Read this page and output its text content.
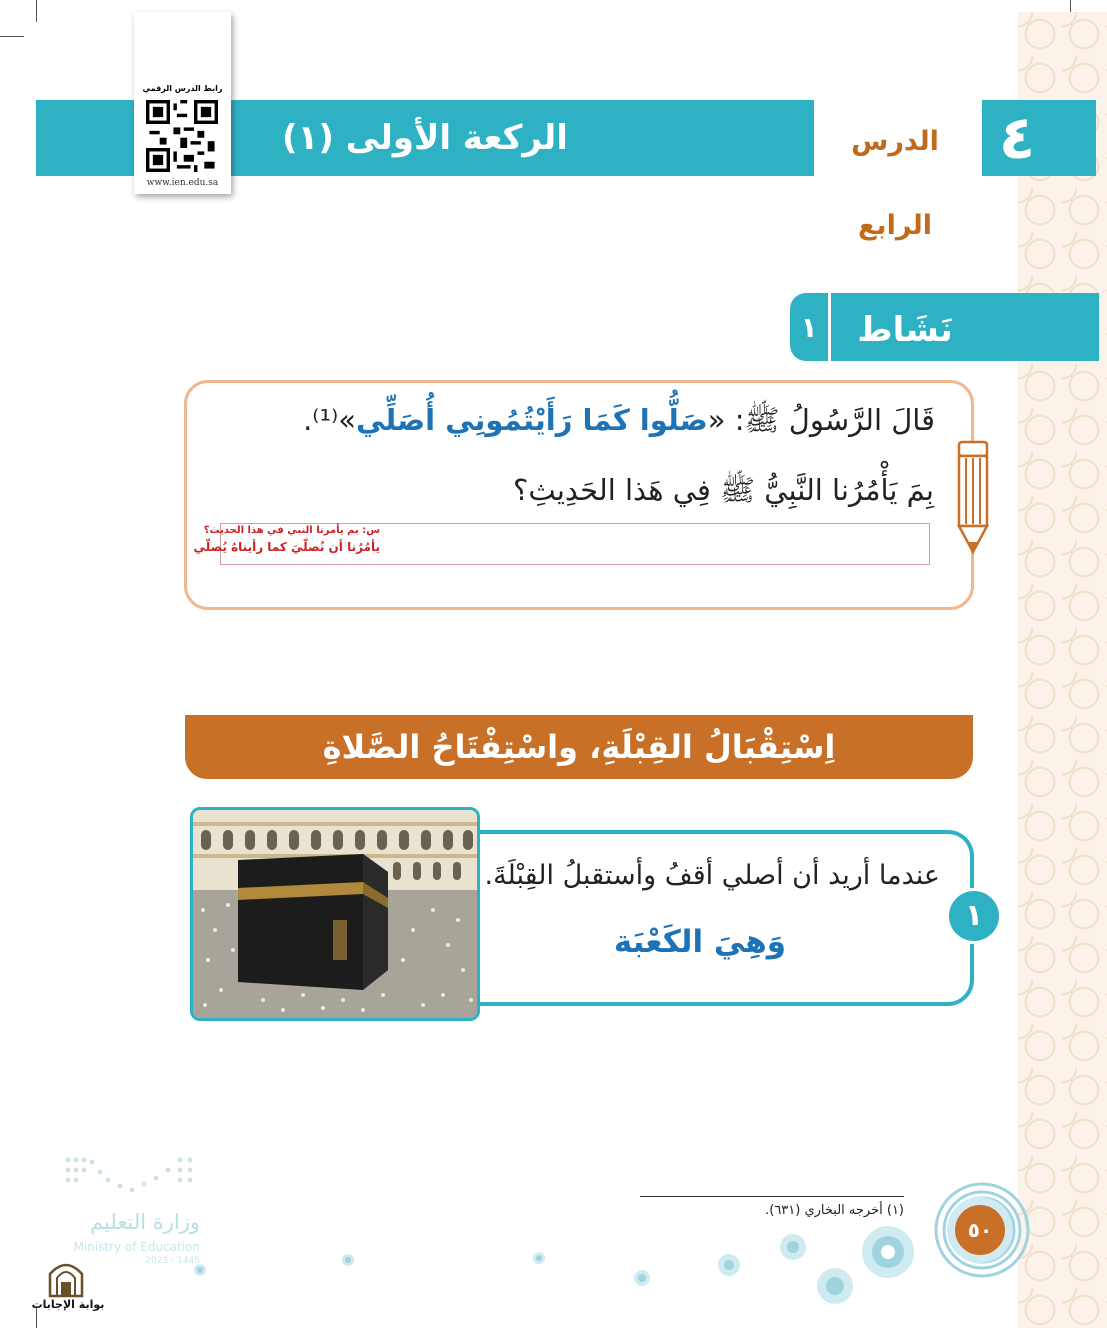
الركعة الأولى (١)	الدرس الرابع
٤
رابط الدرس الرقمي
www.ien.edu.sa
نَشَاط
١
قَالَ الرَّسُولُ ﷺ: «صَلُّوا كَمَا رَأَيْتُمُونِي أُصَلِّي»⁽¹⁾.
بِمَ يَأْمُرُنا النَّبِيُّ ﷺ فِي هَذا الحَدِيثِ؟
س: بم يأمرنا النبي في هذا الحديث؟
يأمُرُنا أن نُصلّيَ كما رأيناهُ يُصلّي
اِسْتِقْبَالُ القِبْلَةِ، واسْتِفْتَاحُ الصَّلاةِ
١
عندما أريد أن أصلي أقفُ وأستقبلُ القِبْلَةَ.
وَهِيَ الكَعْبَة
(١) أخرجه البخاري (٦٣١).
٥٠
وزارة التعليم
Ministry of Education
2023 - 1445
بوابة الإجابات
